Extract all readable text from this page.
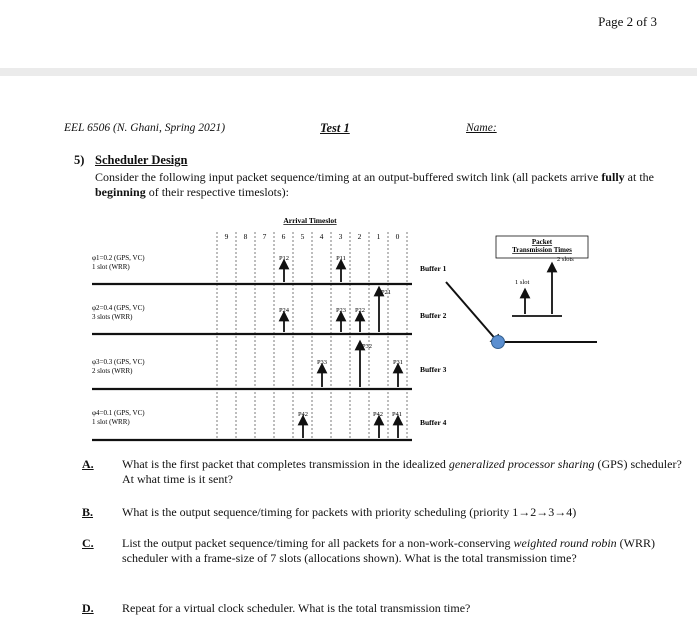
Page 2 of 3
EEL 6506 (N. Ghani, Spring 2021)	Test 1	Name:
5) Scheduler Design
Consider the following input packet sequence/timing at an output-buffered switch link (all packets arrive fully at the beginning of their respective timeslots):
Arrival Timeslot
9 8 7 6 5 4 3 2 1 0
φ1=0.2 (GPS, VC)
1 slot (WRR)
φ2=0.4 (GPS, VC)
3 slots (WRR)
φ3=0.3 (GPS, VC)
2 slots (WRR)
φ4=0.1 (GPS, VC)
1 slot (WRR)
Buffer 1
Buffer 2
Buffer 3
Buffer 4
P12	P11
P24	P23 P22
P21
P33
P32
P31
P42	P42 P41
Packet
Transmission Times
2 slots
1 slot
A. What is the first packet that completes transmission in the idealized generalized processor sharing (GPS) scheduler? At what time is it sent?
B. What is the output sequence/timing for packets with priority scheduling (priority 1→2→3→4)
C. List the output packet sequence/timing for all packets for a non-work-conserving weighted round robin (WRR) scheduler with a frame-size of 7 slots (allocations shown). What is the total transmission time?
D. Repeat for a virtual clock scheduler. What is the total transmission time?
